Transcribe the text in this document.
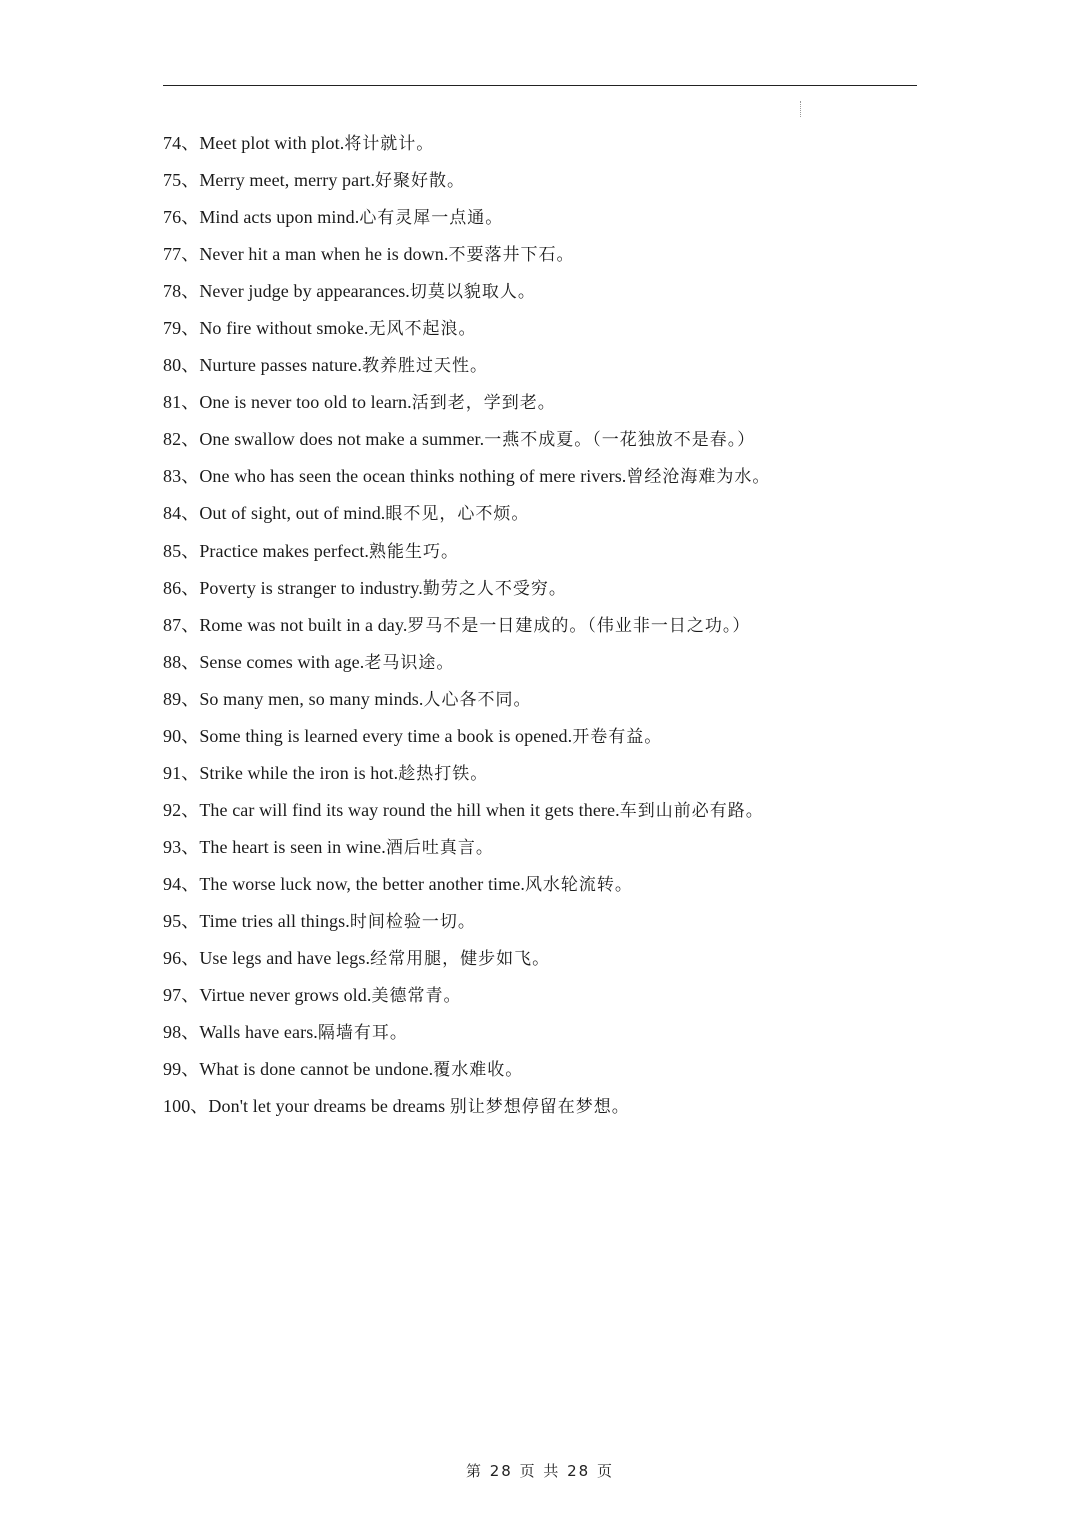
74、Meet plot with plot.将计就计。
75、Merry meet, merry part.好聚好散。
76、Mind acts upon mind.心有灵犀一点通。
77、Never hit a man when he is down.不要落井下石。
78、Never judge by appearances.切莫以貌取人。
79、No fire without smoke.无风不起浪。
80、Nurture passes nature.教养胜过天性。
81、One is never too old to learn.活到老，学到老。
82、One swallow does not make a summer.一燕不成夏。（一花独放不是春。）
83、One who has seen the ocean thinks nothing of mere rivers.曾经沧海难为水。
84、Out of sight, out of mind.眼不见，心不烦。
85、Practice makes perfect.熟能生巧。
86、Poverty is stranger to industry.勤劳之人不受穷。
87、Rome was not built in a day.罗马不是一日建成的。（伟业非一日之功。）
88、Sense comes with age.老马识途。
89、So many men, so many minds.人心各不同。
90、Some thing is learned every time a book is opened.开卷有益。
91、Strike while the iron is hot.趁热打铁。
92、The car will find its way round the hill when it gets there.车到山前必有路。
93、The heart is seen in wine.酒后吐真言。
94、The worse luck now, the better another time.风水轮流转。
95、Time tries all things.时间检验一切。
96、Use legs and have legs.经常用腿，健步如飞。
97、Virtue never grows old.美德常青。
98、Walls have ears.隔墙有耳。
99、What is done cannot be undone.覆水难收。
100、Don't let your dreams be dreams 别让梦想停留在梦想。
第 28 页 共 28 页
